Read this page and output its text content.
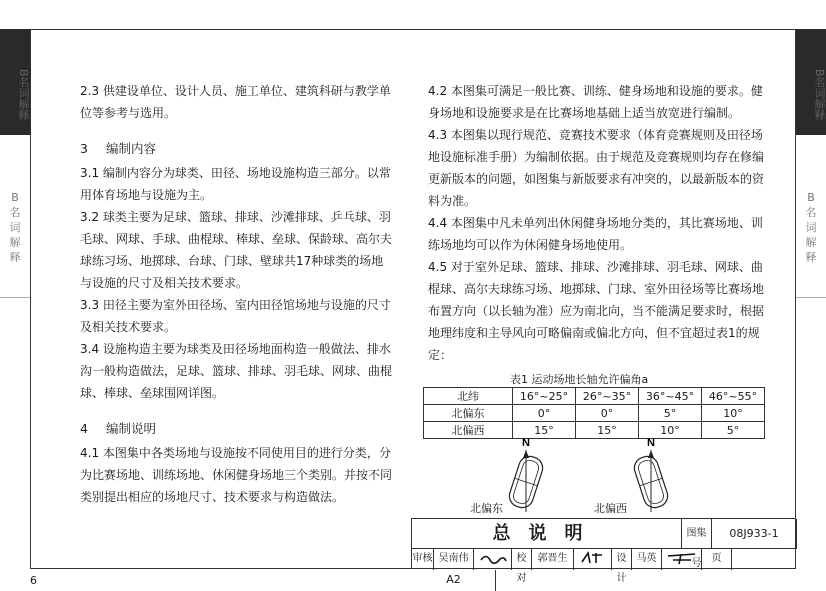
B名词解释	B名词解释
B
名
词
解
释
B
名
词
解
释

2.3 供建设单位、设计人员、施工单位、建筑科研与教学单位等参考与选用。

3 编制内容

3.1 编制内容分为球类、田径、场地设施构造三部分。以常用体育场地与设施为主。

3.2 球类主要为足球、篮球、排球、沙滩排球、乒乓球、羽毛球、网球、手球、曲棍球、棒球、垒球、保龄球、高尔夫球练习场、地掷球、台球、门球、壁球共17种球类的场地与设施的尺寸及相关技术要求。

3.3 田径主要为室外田径场、室内田径馆场地与设施的尺寸及相关技术要求。

3.4 设施构造主要为球类及田径场地面构造一般做法、排水沟一般构造做法，足球、篮球、排球、羽毛球、网球、曲棍球、棒球、垒球围网详图。

4 编制说明

4.1 本图集中各类场地与设施按不同使用目的进行分类，分为比赛场地、训练场地、休闲健身场地三个类别。并按不同类别提出相应的场地尺寸、技术要求与构造做法。

4.2 本图集可满足一般比赛、训练、健身场地和设施的要求。健身场地和设施要求是在比赛场地基础上适当放宽进行编制。

4.3 本图集以现行规范、竞赛技术要求（体育竞赛规则及田径场地设施标准手册）为编制依据。由于规范及竞赛规则均存在修编更新版本的问题，如图集与新版要求有冲突的，以最新版本的资料为准。

4.4 本图集中凡未单列出休闲健身场地分类的，其比赛场地、训练场地均可以作为休闲健身场地使用。

4.5 对于室外足球、篮球、排球、沙滩排球、羽毛球、网球、曲棍球、高尔夫球练习场、地掷球、门球、室外田径场等比赛场地布置方向（以长轴为准）应为南北向，当不能满足要求时，根据地理纬度和主导风向可略偏南或偏北方向，但不宜超过表1的规定：

表1 运动场地长轴允许偏角a
北纬	16°~25°	26°~35°	36°~45°	46°~55°
北偏东	0°	0°	5°	10°
北偏西	15°	15°	10°	5°
N
北偏东
N
北偏西
总说明	图集号
08J933-1
审核 吴南伟	校对郭晋生	设计马英	页A2
6
